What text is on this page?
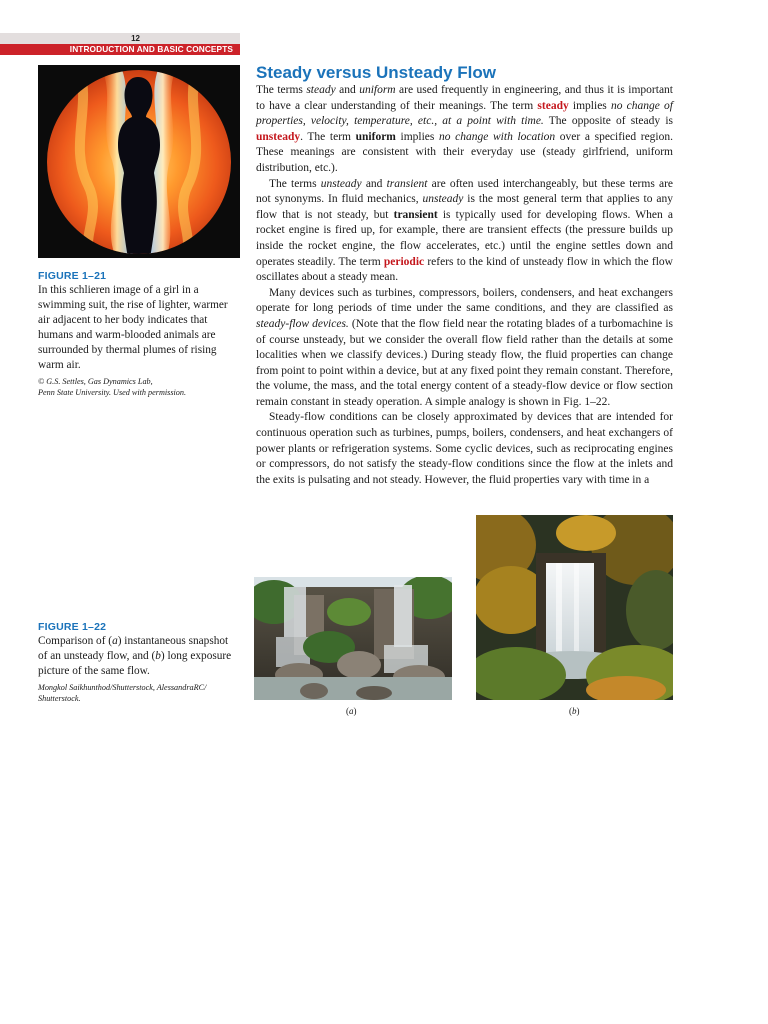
12
INTRODUCTION AND BASIC CONCEPTS
FIGURE 1–21
In this schlieren image of a girl in a swimming suit, the rise of lighter, warmer air adjacent to her body indicates that humans and warm-blooded animals are surrounded by thermal plumes of rising warm air.
© G.S. Settles, Gas Dynamics Lab,
Penn State University. Used with permission.
Steady versus Unsteady Flow

The terms steady and uniform are used frequently in engineering, and thus it is important to have a clear understanding of their meanings. The term steady implies no change of properties, velocity, temperature, etc., at a point with time. The opposite of steady is unsteady. The term uniform implies no change with location over a specified region. These meanings are consistent with their everyday use (steady girlfriend, uniform distribution, etc.).

The terms unsteady and transient are often used interchangeably, but these terms are not synonyms. In fluid mechanics, unsteady is the most general term that applies to any flow that is not steady, but transient is typically used for developing flows. When a rocket engine is fired up, for example, there are transient effects (the pressure builds up inside the rocket engine, the flow accelerates, etc.) until the engine settles down and operates steadily. The term periodic refers to the kind of unsteady flow in which the flow oscillates about a steady mean.

Many devices such as turbines, compressors, boilers, condensers, and heat exchangers operate for long periods of time under the same conditions, and they are classified as steady-flow devices. (Note that the flow field near the rotating blades of a turbomachine is of course unsteady, but we consider the overall flow field rather than the details at some localities when we classify devices.) During steady flow, the fluid properties can change from point to point within a device, but at any fixed point they remain constant. Therefore, the volume, the mass, and the total energy content of a steady-flow device or flow section remain constant in steady operation. A simple analogy is shown in Fig. 1–22.

Steady-flow conditions can be closely approximated by devices that are intended for continuous operation such as turbines, pumps, boilers, condensers, and heat exchangers of power plants or refrigeration systems. Some cyclic devices, such as reciprocating engines or compressors, do not satisfy the steady-flow conditions since the flow at the inlets and the exits is pulsating and not steady. However, the fluid properties vary with time in a

(a)	(b)
FIGURE 1–22
Comparison of (a) instantaneous snapshot of an unsteady flow, and (b) long exposure picture of the same flow.
Mongkol Saikhunthod/Shutterstock, AlessandraRC/
Shutterstock.
